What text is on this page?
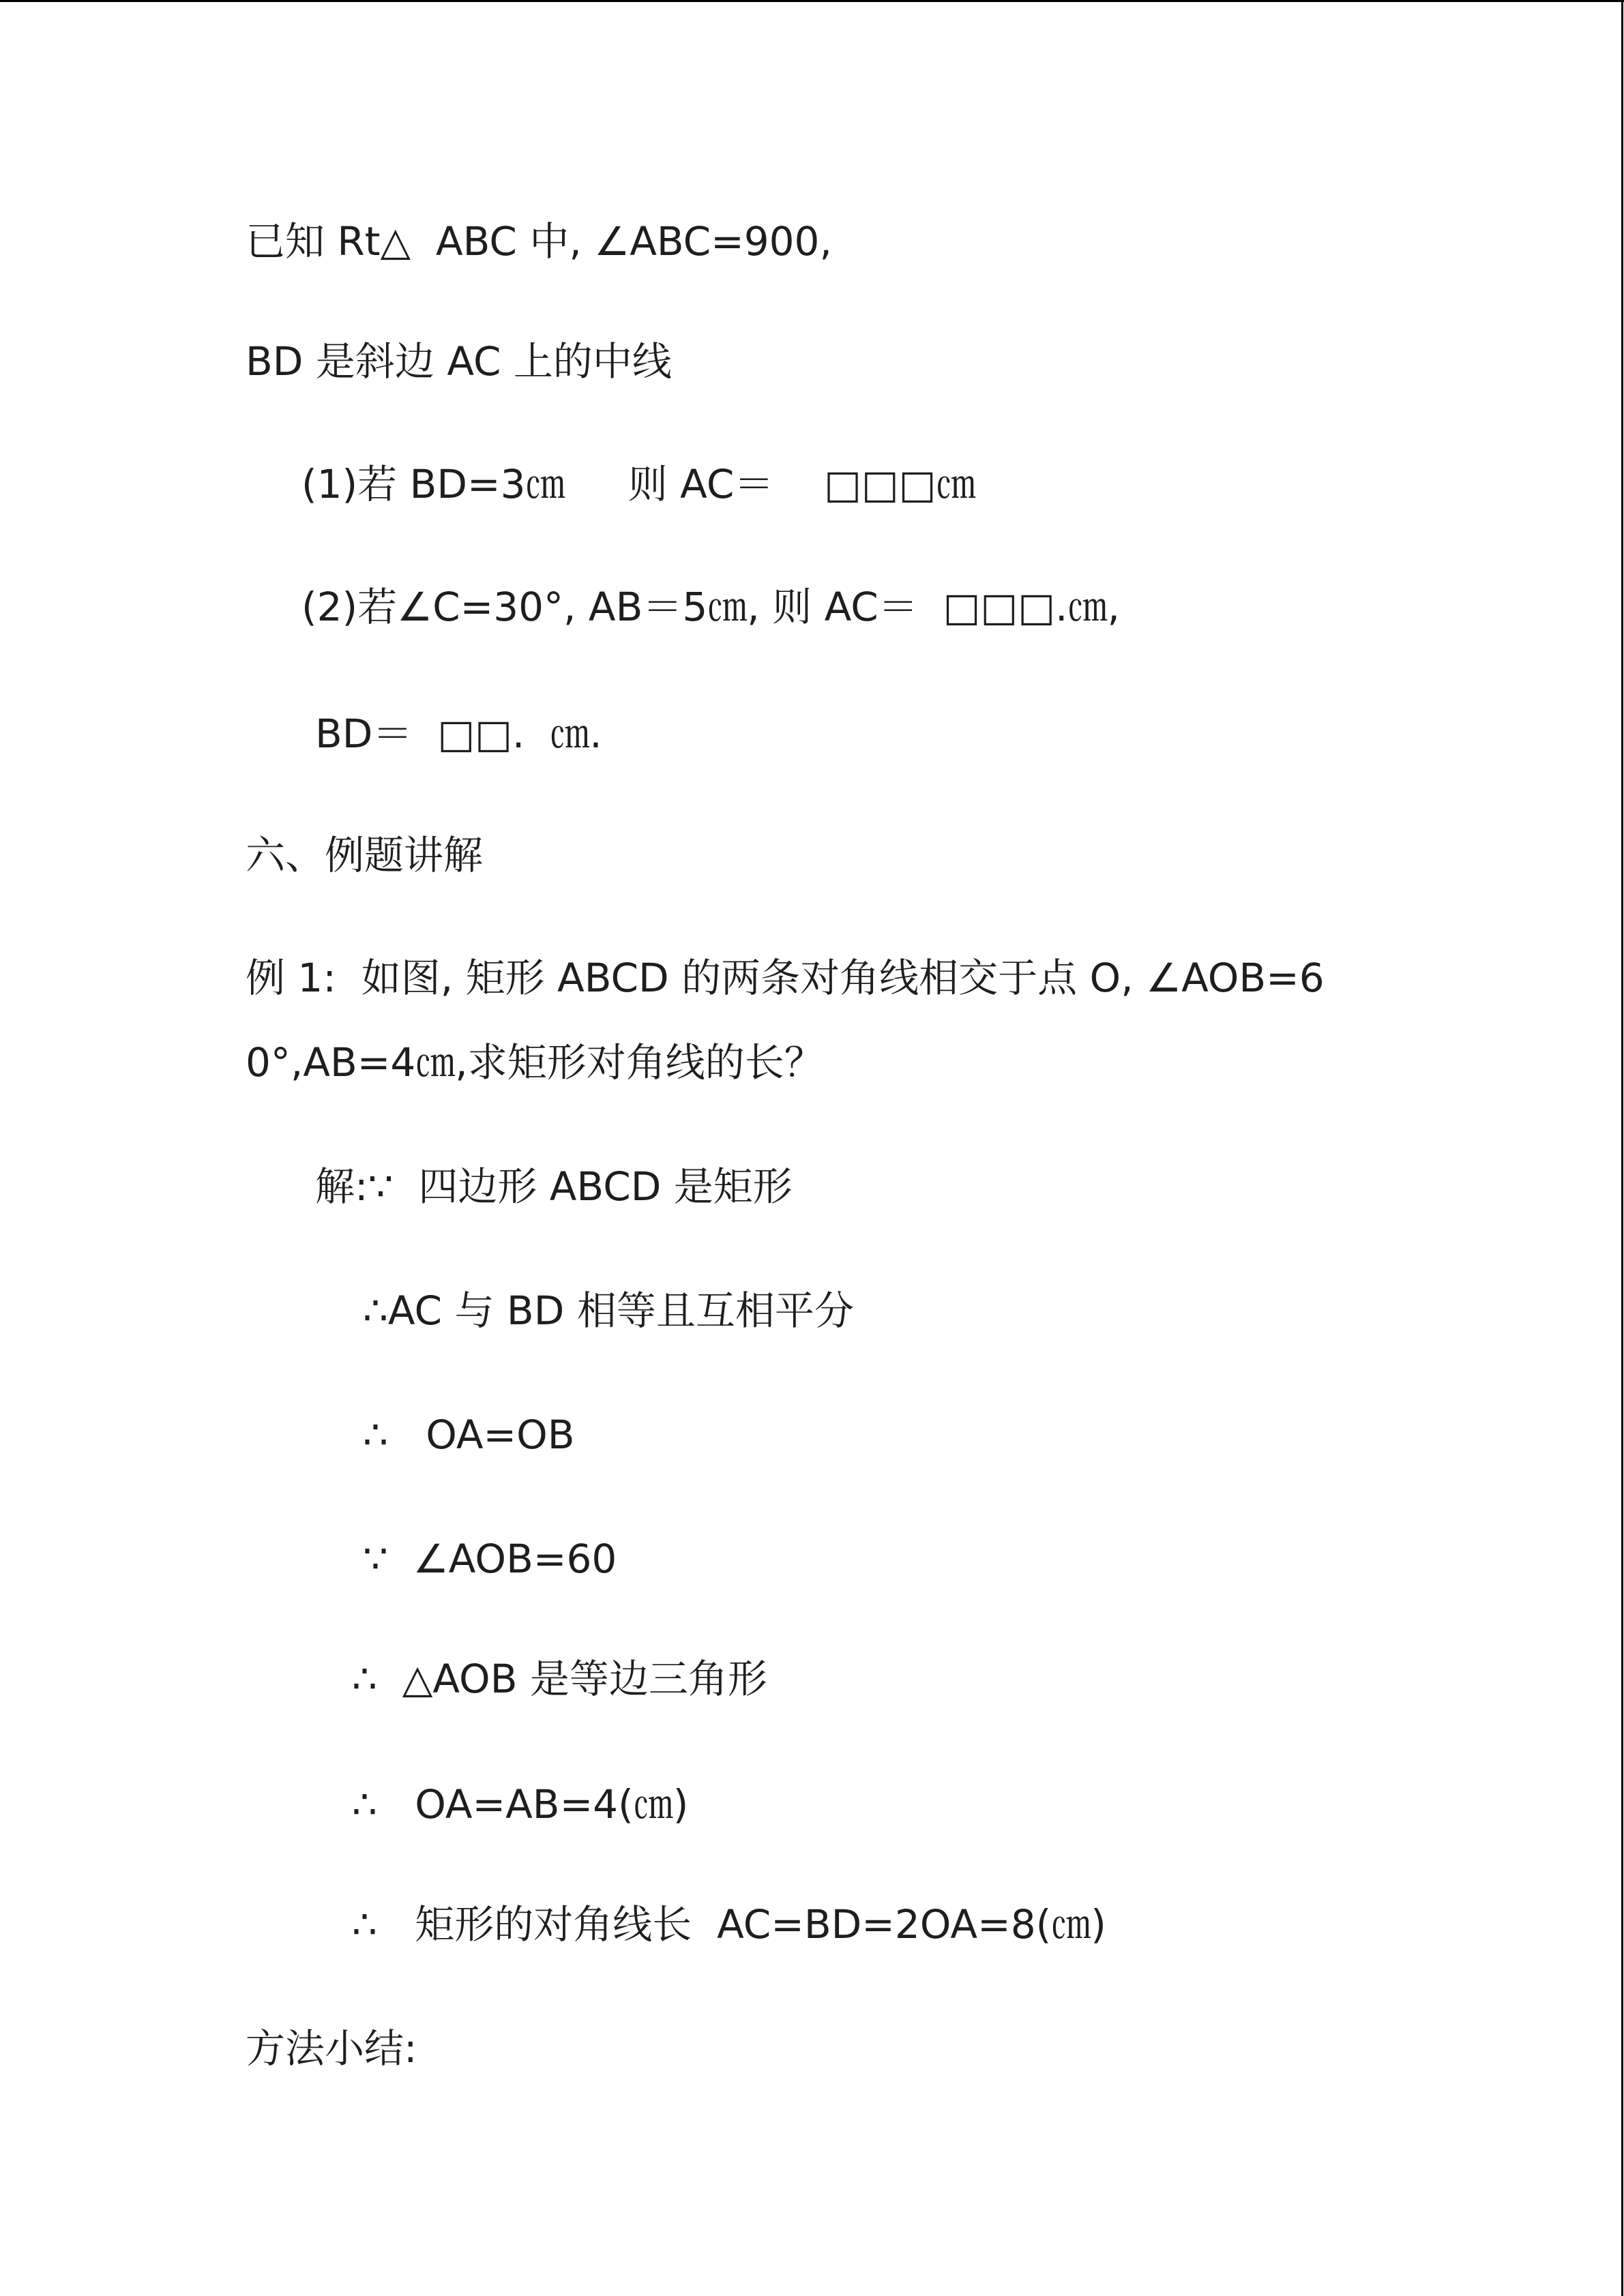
已知 Rt△  ABC 中, ∠ABC=900,
BD 是斜边 AC 上的中线
(1)若 BD=3㎝     则 AC＝    □□□㎝
(2)若∠C=30°, AB＝5㎝, 则 AC＝  □□□.㎝,
BD＝  □□.  ㎝.
六、例题讲解
例 1:  如图, 矩形 ABCD 的两条对角线相交于点 O, ∠AOB=6
0°,AB=4㎝,求矩形对角线的长？
解:∵  四边形 ABCD 是矩形
∴AC 与 BD 相等且互相平分
∴   OA=OB
∵  ∠AOB=60
∴  △AOB 是等边三角形
∴   OA=AB=4(㎝)
∴   矩形的对角线长  AC=BD=2OA=8(㎝)
方法小结:
